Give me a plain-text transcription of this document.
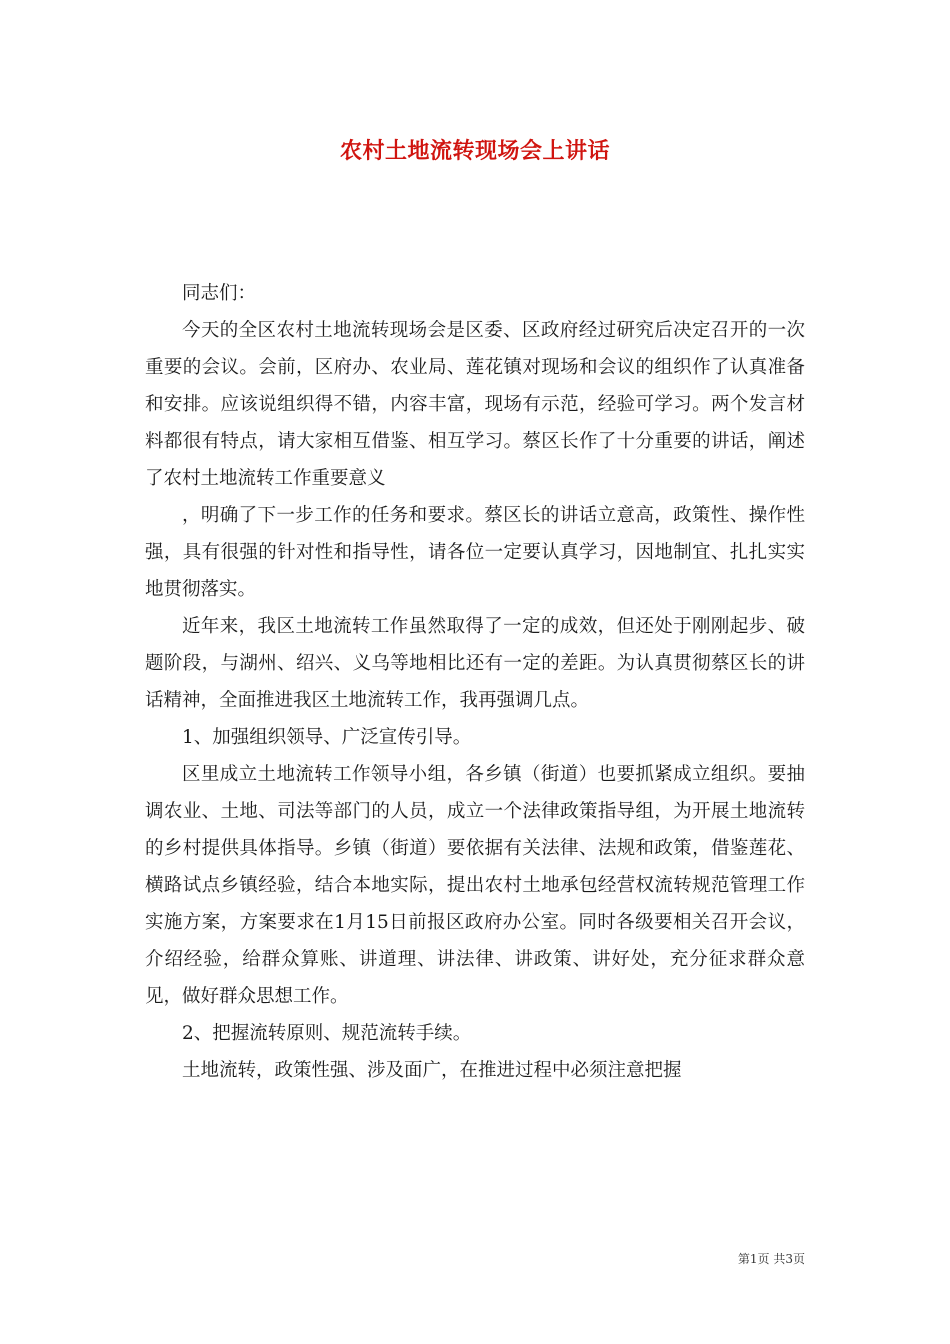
农村土地流转现场会上讲话

同志们：

今天的全区农村土地流转现场会是区委、区政府经过研究后决定召开的一次重要的会议。会前，区府办、农业局、莲花镇对现场和会议的组织作了认真准备和安排。应该说组织得不错，内容丰富，现场有示范，经验可学习。两个发言材料都很有特点，请大家相互借鉴、相互学习。蔡区长作了十分重要的讲话，阐述了农村土地流转工作重要意义

，明确了下一步工作的任务和要求。蔡区长的讲话立意高，政策性、操作性强，具有很强的针对性和指导性，请各位一定要认真学习，因地制宜、扎扎实实地贯彻落实。

近年来，我区土地流转工作虽然取得了一定的成效，但还处于刚刚起步、破题阶段，与湖州、绍兴、义乌等地相比还有一定的差距。为认真贯彻蔡区长的讲话精神，全面推进我区土地流转工作，我再强调几点。

1、加强组织领导、广泛宣传引导。

区里成立土地流转工作领导小组，各乡镇（街道）也要抓紧成立组织。要抽调农业、土地、司法等部门的人员，成立一个法律政策指导组，为开展土地流转的乡村提供具体指导。乡镇（街道）要依据有关法律、法规和政策，借鉴莲花、横路试点乡镇经验，结合本地实际，提出农村土地承包经营权流转规范管理工作实施方案，方案要求在1月15日前报区政府办公室。同时各级要相关召开会议，介绍经验，给群众算账、讲道理、讲法律、讲政策、讲好处，充分征求群众意见，做好群众思想工作。

2、把握流转原则、规范流转手续。

土地流转，政策性强、涉及面广，在推进过程中必须注意把握

第1页 共3页
